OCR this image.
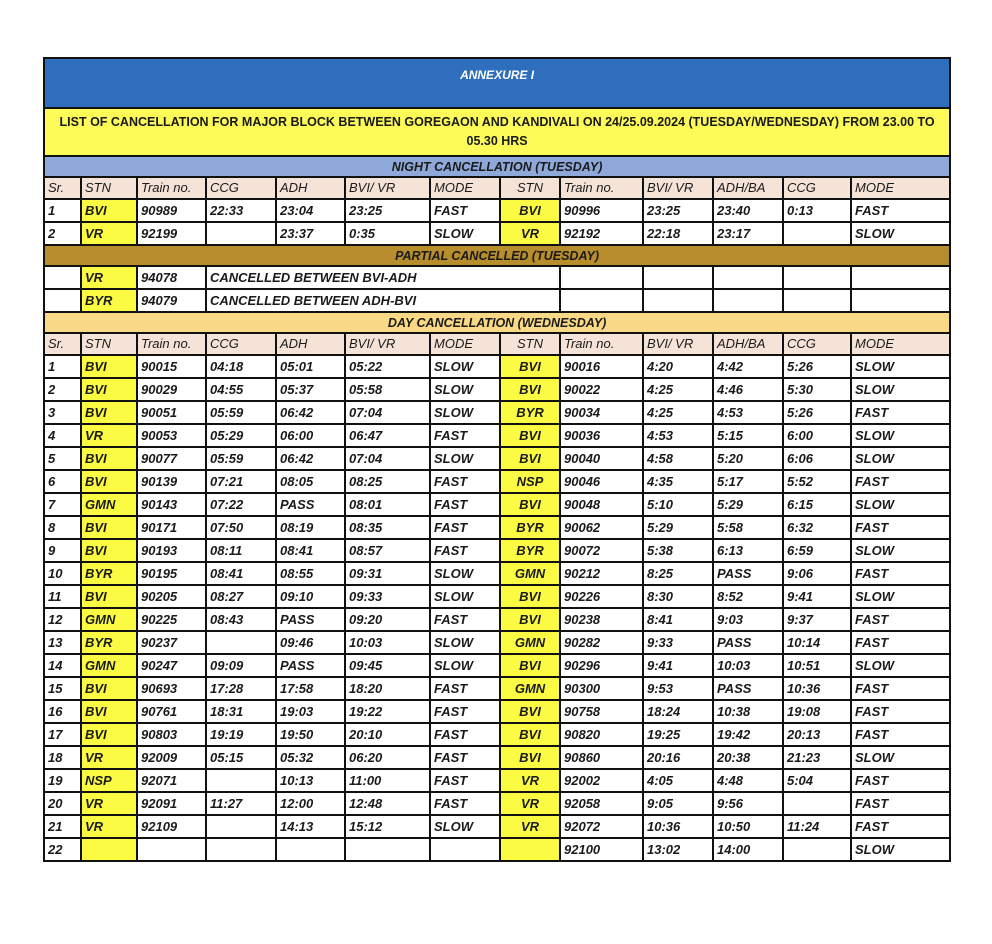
ANNEXURE I												
LIST OF CANCELLATION FOR MAJOR BLOCK BETWEEN GOREGAON AND KANDIVALI ON 24/25.09.2024 (TUESDAY/WEDNESDAY) FROM 23.00 TO 05.30 HRS												
NIGHT CANCELLATION (TUESDAY)												
Sr.	STN	Train no.	CCG	ADH	BVI/ VR	MODE	STN	Train no.	BVI/ VR	ADH/BA	CCG	MODE
1	BVI	90989	22:33	23:04	23:25	FAST	BVI	90996	23:25	23:40	0:13	FAST
2	VR	92199		23:37	0:35	SLOW	VR	92192	22:18	23:17		SLOW
PARTIAL CANCELLED (TUESDAY)												
	VR	94078	CANCELLED BETWEEN BVI-ADH									
	BYR	94079	CANCELLED BETWEEN ADH-BVI									
DAY CANCELLATION (WEDNESDAY)												
Sr.	STN	Train no.	CCG	ADH	BVI/ VR	MODE	STN	Train no.	BVI/ VR	ADH/BA	CCG	MODE
1	BVI	90015	04:18	05:01	05:22	SLOW	BVI	90016	4:20	4:42	5:26	SLOW
2	BVI	90029	04:55	05:37	05:58	SLOW	BVI	90022	4:25	4:46	5:30	SLOW
3	BVI	90051	05:59	06:42	07:04	SLOW	BYR	90034	4:25	4:53	5:26	FAST
4	VR	90053	05:29	06:00	06:47	FAST	BVI	90036	4:53	5:15	6:00	SLOW
5	BVI	90077	05:59	06:42	07:04	SLOW	BVI	90040	4:58	5:20	6:06	SLOW
6	BVI	90139	07:21	08:05	08:25	FAST	NSP	90046	4:35	5:17	5:52	FAST
7	GMN	90143	07:22	PASS	08:01	FAST	BVI	90048	5:10	5:29	6:15	SLOW
8	BVI	90171	07:50	08:19	08:35	FAST	BYR	90062	5:29	5:58	6:32	FAST
9	BVI	90193	08:11	08:41	08:57	FAST	BYR	90072	5:38	6:13	6:59	SLOW
10	BYR	90195	08:41	08:55	09:31	SLOW	GMN	90212	8:25	PASS	9:06	FAST
11	BVI	90205	08:27	09:10	09:33	SLOW	BVI	90226	8:30	8:52	9:41	SLOW
12	GMN	90225	08:43	PASS	09:20	FAST	BVI	90238	8:41	9:03	9:37	FAST
13	BYR	90237		09:46	10:03	SLOW	GMN	90282	9:33	PASS	10:14	FAST
14	GMN	90247	09:09	PASS	09:45	SLOW	BVI	90296	9:41	10:03	10:51	SLOW
15	BVI	90693	17:28	17:58	18:20	FAST	GMN	90300	9:53	PASS	10:36	FAST
16	BVI	90761	18:31	19:03	19:22	FAST	BVI	90758	18:24	10:38	19:08	FAST
17	BVI	90803	19:19	19:50	20:10	FAST	BVI	90820	19:25	19:42	20:13	FAST
18	VR	92009	05:15	05:32	06:20	FAST	BVI	90860	20:16	20:38	21:23	SLOW
19	NSP	92071		10:13	11:00	FAST	VR	92002	4:05	4:48	5:04	FAST
20	VR	92091	11:27	12:00	12:48	FAST	VR	92058	9:05	9:56		FAST
21	VR	92109		14:13	15:12	SLOW	VR	92072	10:36	10:50	11:24	FAST
22								92100	13:02	14:00		SLOW
